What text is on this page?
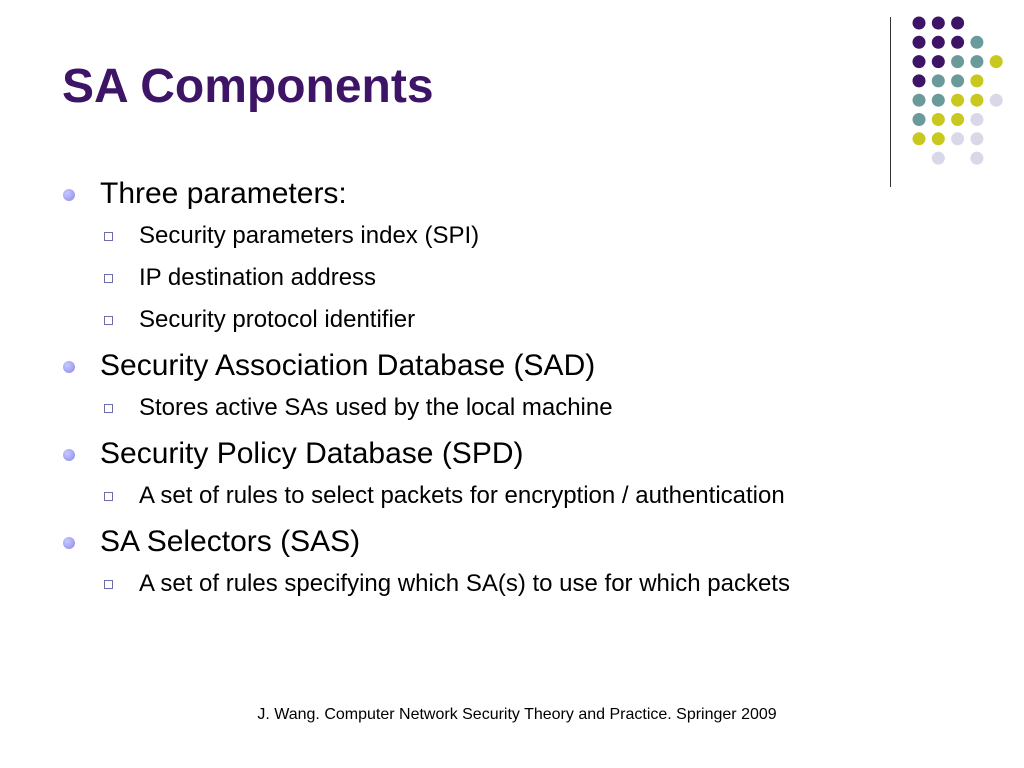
SA Components
Three parameters:
Security parameters index (SPI)
IP destination address
Security protocol identifier
Security Association Database (SAD)
Stores active SAs used by the local machine
Security Policy Database (SPD)
A set of rules to select packets for encryption / authentication
SA Selectors (SAS)
A set of rules specifying which SA(s) to use for which packets
J. Wang. Computer Network Security Theory and Practice. Springer 2009
